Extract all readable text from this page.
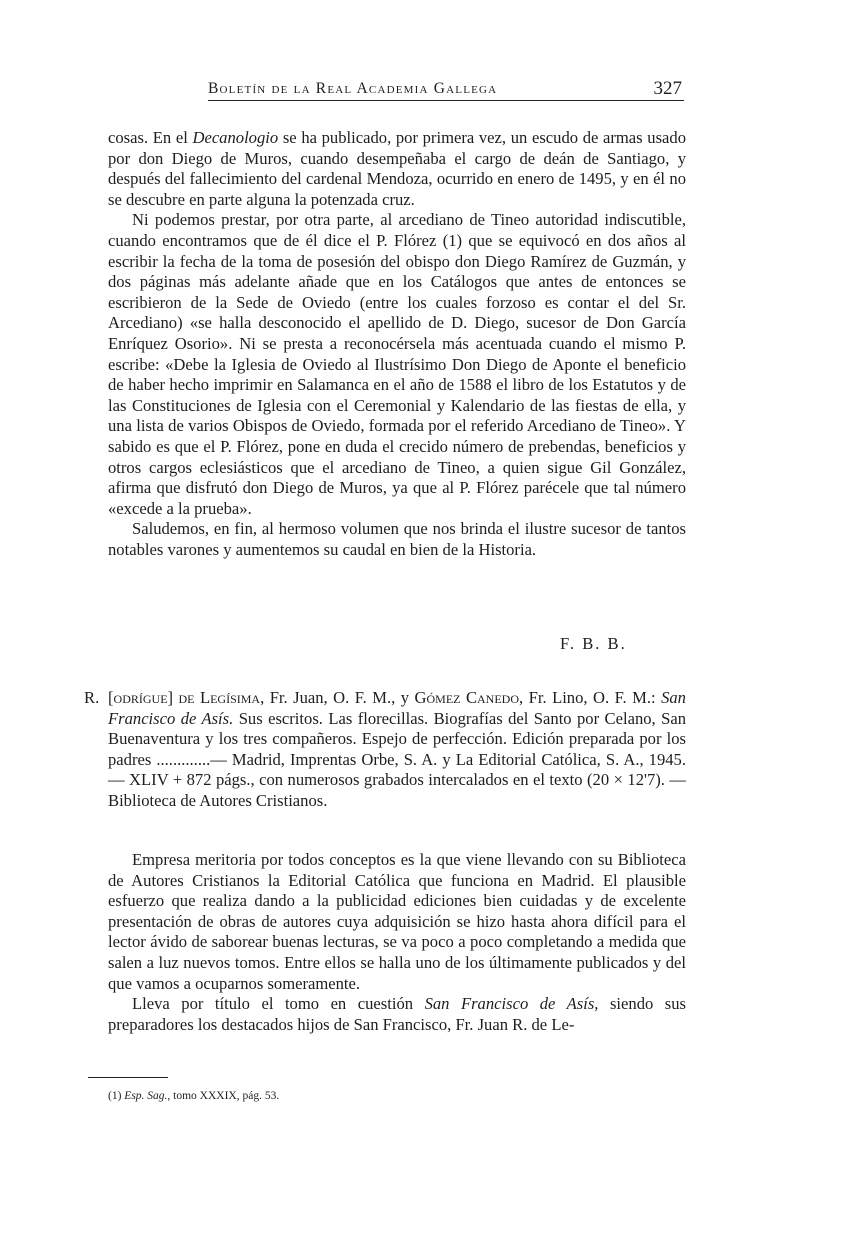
Boletín de la Real Academia Gallega	327

cosas. En el Decanologio se ha publicado, por primera vez, un escudo de armas usado por don Diego de Muros, cuando desempeñaba el cargo de deán de Santiago, y después del fallecimiento del cardenal Mendoza, ocurrido en enero de 1495, y en él no se descubre en parte alguna la potenzada cruz.

Ni podemos prestar, por otra parte, al arcediano de Tineo autoridad indiscutible, cuando encontramos que de él dice el P. Flórez (1) que se equivocó en dos años al escribir la fecha de la toma de posesión del obispo don Diego Ramírez de Guzmán, y dos páginas más adelante añade que en los Catálogos que antes de entonces se escribieron de la Sede de Oviedo (entre los cuales forzoso es contar el del Sr. Arcediano) «se halla desconocido el apellido de D. Diego, sucesor de Don García Enríquez Osorio». Ni se presta a reconocérsela más acentuada cuando el mismo P. escribe: «Debe la Iglesia de Oviedo al Ilustrísimo Don Diego de Aponte el beneficio de haber hecho imprimir en Salamanca en el año de 1588 el libro de los Estatutos y de las Constituciones de Iglesia con el Ceremonial y Kalendario de las fiestas de ella, y una lista de varios Obispos de Oviedo, formada por el referido Arcediano de Tineo». Y sabido es que el P. Flórez, pone en duda el crecido número de prebendas, beneficios y otros cargos eclesiásticos que el arcediano de Tineo, a quien sigue Gil González, afirma que disfrutó don Diego de Muros, ya que al P. Flórez parécele que tal número «excede a la prueba».

Saludemos, en fin, al hermoso volumen que nos brinda el ilustre sucesor de tantos notables varones y aumentemos su caudal en bien de la Historia.

F. B. B.
R. [odrígue] de Legísima, Fr. Juan, O. F. M., y Gómez Canedo, Fr. Lino, O. F. M.: San Francisco de Asís. Sus escritos. Las florecillas. Biografías del Santo por Celano, San Buenaventura y los tres compañeros. Espejo de perfección. Edición preparada por los padres .............— Madrid, Imprentas Orbe, S. A. y La Editorial Católica, S. A., 1945. — XLIV + 872 págs., con numerosos grabados intercalados en el texto (20 × 12'7). — Biblioteca de Autores Cristianos.

Empresa meritoria por todos conceptos es la que viene llevando con su Biblioteca de Autores Cristianos la Editorial Católica que funciona en Madrid. El plausible esfuerzo que realiza dando a la publicidad ediciones bien cuidadas y de excelente presentación de obras de autores cuya adquisición se hizo hasta ahora difícil para el lector ávido de saborear buenas lecturas, se va poco a poco completando a medida que salen a luz nuevos tomos. Entre ellos se halla uno de los últimamente publicados y del que vamos a ocuparnos someramente.

Lleva por título el tomo en cuestión San Francisco de Asís, siendo sus preparadores los destacados hijos de San Francisco, Fr. Juan R. de Le-

(1) Esp. Sag., tomo XXXIX, pág. 53.
